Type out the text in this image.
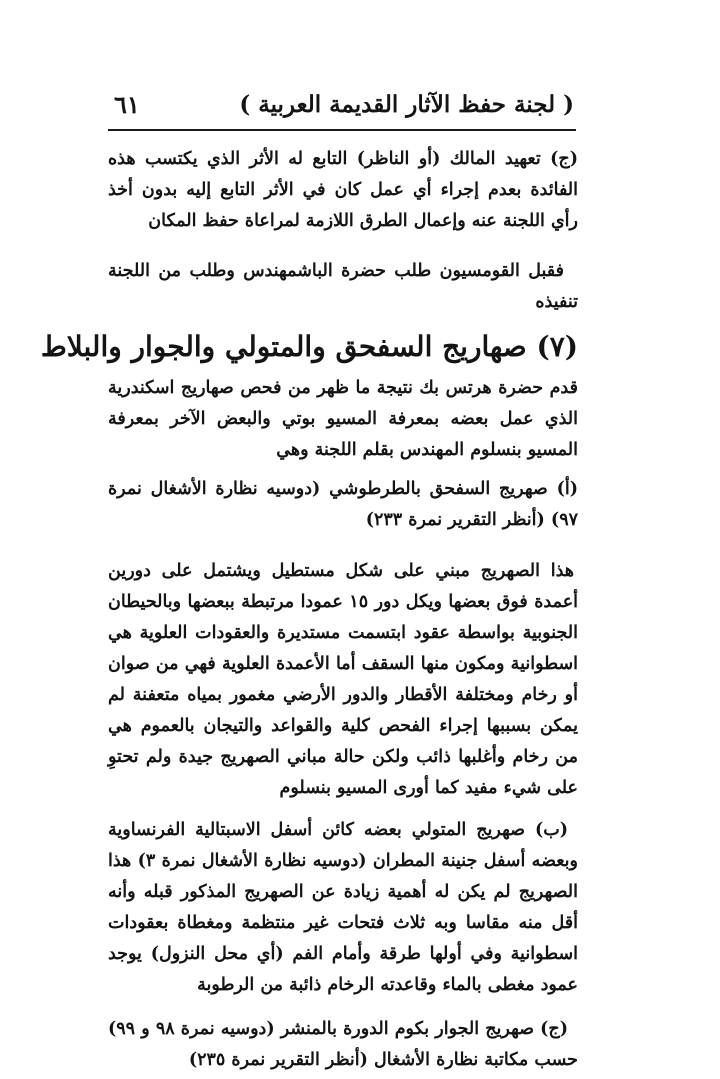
٦١	( لجنة حفظ الآثار القديمة العربية )

(ج) تعهيد المالك (أو الناظر) التابع له الأثر الذي يكتسب هذه الفائدة بعدم إجراء أي عمل كان في الأثر التابع إليه بدون أخذ رأي اللجنة عنه وإعمال الطرق اللازمة لمراعاة حفظ المكان

فقبل القومسيون طلب حضرة الباشمهندس وطلب من اللجنة تنفيذه

(٧) صهاريج السفحق والمتولي والجوار والبلاط

قدم حضرة هرتس بك نتيجة ما ظهر من فحص صهاريج اسكندرية الذي عمل بعضه بمعرفة المسيو بوتي والبعض الآخر بمعرفة المسيو بنسلوم المهندس بقلم اللجنة وهي

(أ) صهريج السفحق بالطرطوشي (دوسيه نظارة الأشغال نمرة ٩٧) (أنظر التقرير نمرة ٢٣٣)

هذا الصهريج مبني على شكل مستطيل ويشتمل على دورين أعمدة فوق بعضها ويكل دور ١٥ عمودا مرتبطة ببعضها وبالحيطان الجنوبية بواسطة عقود ابتسمت مستديرة والعقودات العلوية هي اسطوانية ومكون منها السقف أما الأعمدة العلوية فهي من صوان أو رخام ومختلفة الأقطار والدور الأرضي مغمور بمياه متعفنة لم يمكن بسببها إجراء الفحص كلية والقواعد والتيجان بالعموم هي من رخام وأغلبها ذائب ولكن حالة مباني الصهريج جيدة ولم تحتوِ على شيء مفيد كما أورى المسيو بنسلوم

(ب) صهريج المتولي بعضه كائن أسفل الاسبتالية الفرنساوية وبعضه أسفل جنينة المطران (دوسيه نظارة الأشغال نمرة ٣) هذا الصهريج لم يكن له أهمية زيادة عن الصهريج المذكور قبله وأنه أقل منه مقاسا وبه ثلاث فتحات غير منتظمة ومغطاة بعقودات اسطوانية وفي أولها طرقة وأمام الفم (أي محل النزول) يوجد عمود مغطى بالماء وقاعدته الرخام ذائبة من الرطوبة

(ج) صهريج الجوار بكوم الدورة بالمنشر (دوسيه نمرة ٩٨ و ٩٩) حسب مكاتبة نظارة الأشغال (أنظر التقرير نمرة ٢٣٥)
